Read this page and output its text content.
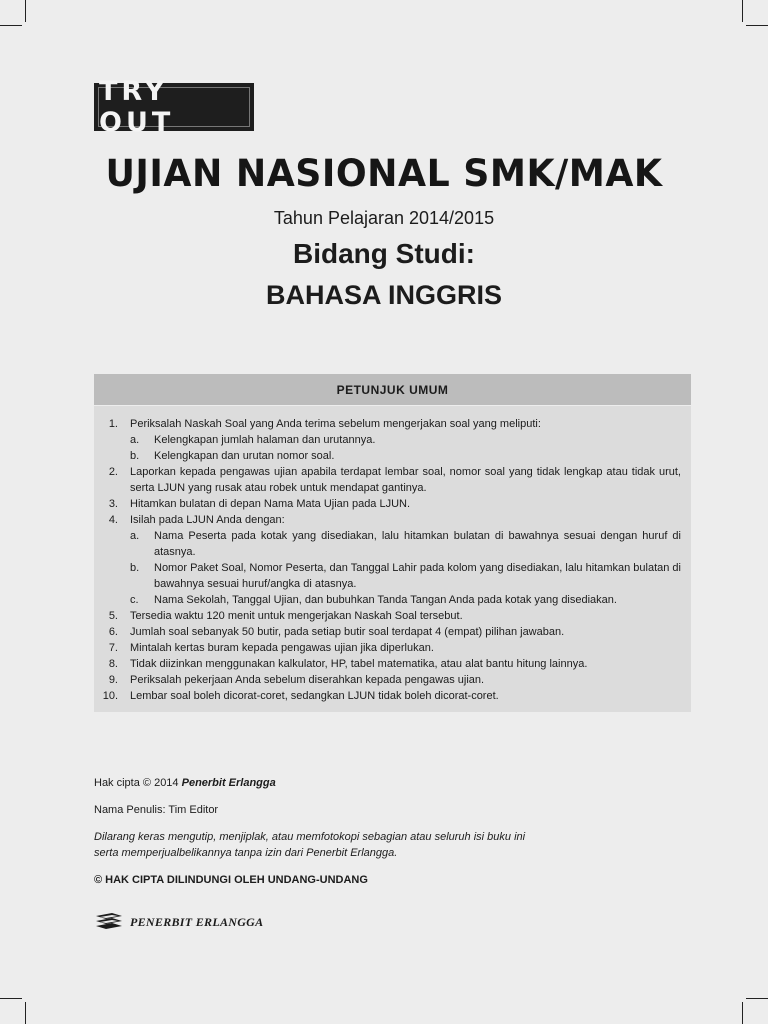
TRY OUT
UJIAN NASIONAL SMK/MAK
Tahun Pelajaran 2014/2015
Bidang Studi:
BAHASA INGGRIS
PETUNJUK UMUM
1. Periksalah Naskah Soal yang Anda terima sebelum mengerjakan soal yang meliputi:
a.	Kelengkapan jumlah halaman dan urutannya.
b.	Kelengkapan dan urutan nomor soal.
2. Laporkan kepada pengawas ujian apabila terdapat lembar soal, nomor soal yang tidak lengkap atau tidak urut, serta LJUN yang rusak atau robek untuk mendapat gantinya.
3. Hitamkan bulatan di depan Nama Mata Ujian pada LJUN.
4. Isilah pada LJUN Anda dengan:
a.	Nama Peserta pada kotak yang disediakan, lalu hitamkan bulatan di bawahnya sesuai dengan huruf di atasnya.
b.	Nomor Paket Soal, Nomor Peserta, dan Tanggal Lahir pada kolom yang disediakan, lalu hitamkan bulatan di bawahnya sesuai huruf/angka di atasnya.
c.	Nama Sekolah, Tanggal Ujian, dan bubuhkan Tanda Tangan Anda pada kotak yang disediakan.
5. Tersedia waktu 120 menit untuk mengerjakan Naskah Soal tersebut.
6. Jumlah soal sebanyak 50 butir, pada setiap butir soal terdapat 4 (empat) pilihan jawaban.
7. Mintalah kertas buram kepada pengawas ujian jika diperlukan.
8. Tidak diizinkan menggunakan kalkulator, HP, tabel matematika, atau alat bantu hitung lainnya.
9. Periksalah pekerjaan Anda sebelum diserahkan kepada pengawas ujian.
10. Lembar soal boleh dicorat-coret, sedangkan LJUN tidak boleh dicorat-coret.
Hak cipta © 2014 Penerbit Erlangga
Nama Penulis: Tim Editor
Dilarang keras mengutip, menjiplak, atau memfotokopi sebagian atau seluruh isi buku ini
serta memperjualbelikannya tanpa izin dari Penerbit Erlangga.
© HAK CIPTA DILINDUNGI OLEH UNDANG-UNDANG
PENERBIT ERLANGGA
